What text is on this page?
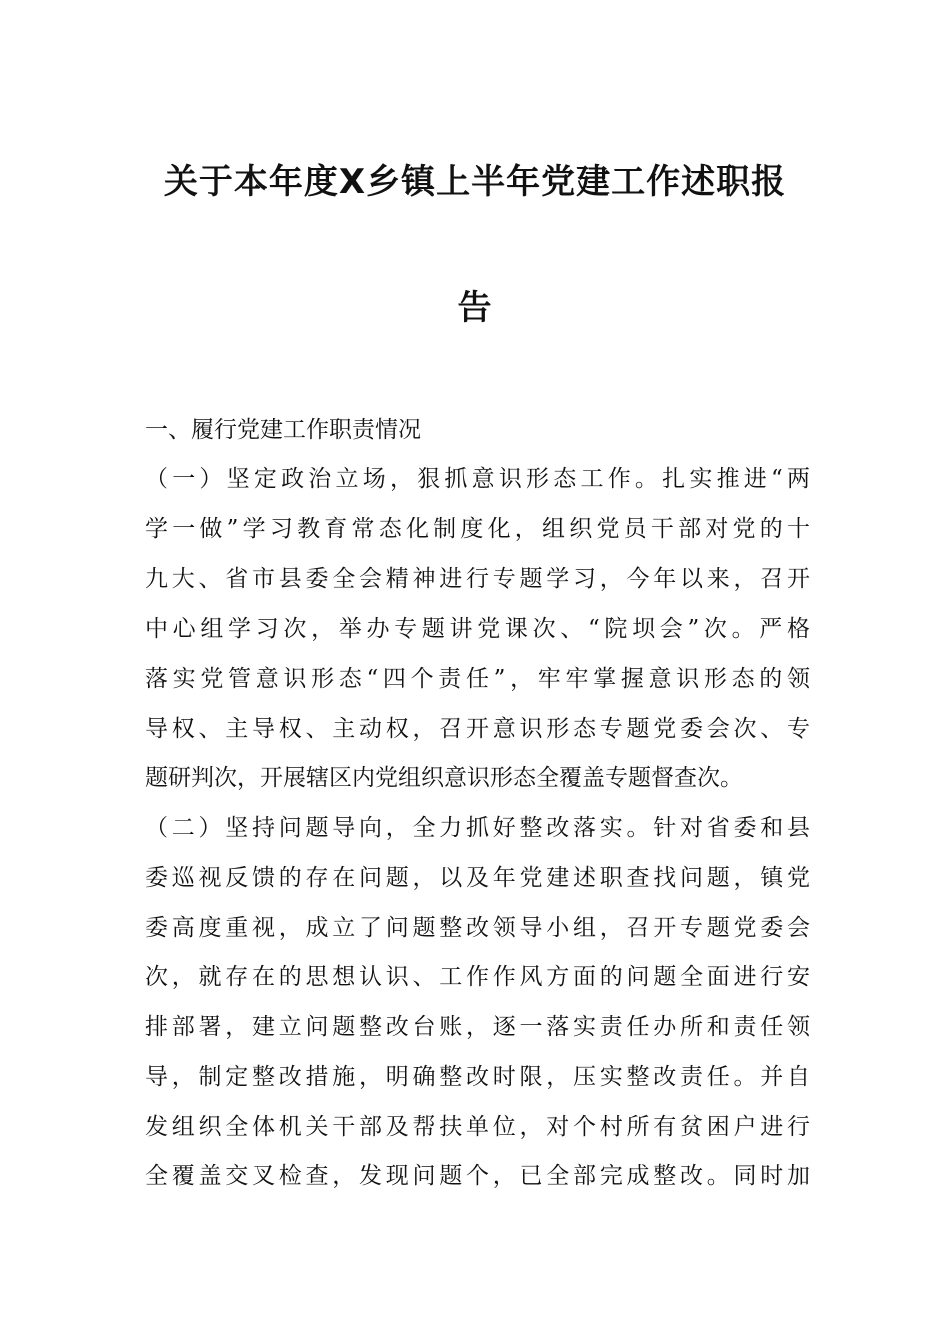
关于本年度X乡镇上半年党建工作述职报
告
一、履行党建工作职责情况
（一）坚定政治立场，狠抓意识形态工作。扎实推进“两
学一做”学习教育常态化制度化，组织党员干部对党的十
九大、省市县委全会精神进行专题学习，今年以来，召开
中心组学习次，举办专题讲党课次、“院坝会”次。严格
落实党管意识形态“四个责任”，牢牢掌握意识形态的领
导权、主导权、主动权，召开意识形态专题党委会次、专
题研判次，开展辖区内党组织意识形态全覆盖专题督查次。
（二）坚持问题导向，全力抓好整改落实。针对省委和县
委巡视反馈的存在问题，以及年党建述职查找问题，镇党
委高度重视，成立了问题整改领导小组，召开专题党委会
次，就存在的思想认识、工作作风方面的问题全面进行安
排部署，建立问题整改台账，逐一落实责任办所和责任领
导，制定整改措施，明确整改时限，压实整改责任。并自
发组织全体机关干部及帮扶单位，对个村所有贫困户进行
全覆盖交叉检查，发现问题个，已全部完成整改。同时加
